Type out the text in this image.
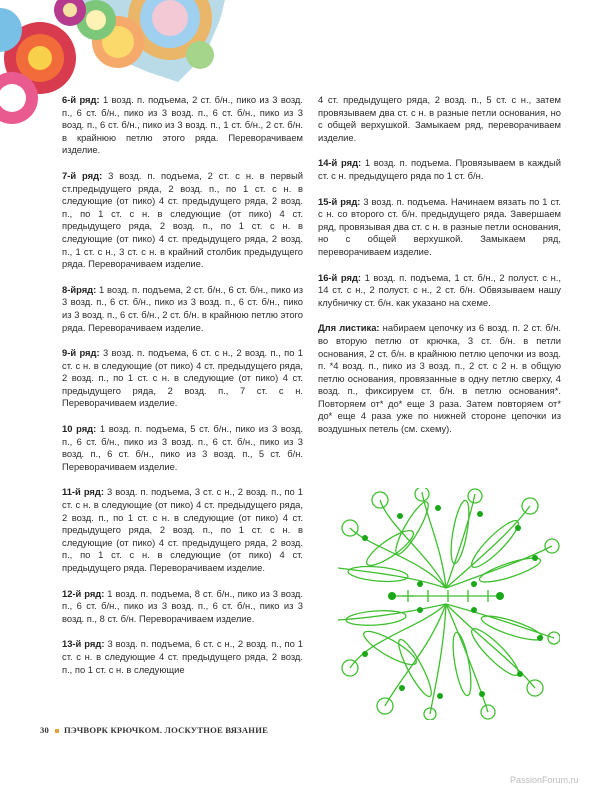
6-й ряд: 1 возд. п. подъема, 2 ст. б/н., пико из 3 возд. п., 6 ст. б/н., пико из 3 возд. п., 6 ст. б/н., пико из 3 возд. п., 6 ст. б/н., пико из 3 возд. п., 1 ст. б/н., 2 ст. б/н. в крайнюю петлю этого ряда. Переворачиваем изделие.

7-й ряд: 3 возд. п. подъема, 2 ст. с н. в первый ст.предыдущего ряда, 2 возд. п., по 1 ст. с н. в следующие (от пико) 4 ст. предыдущего ряда, 2 возд. п., по 1 ст. с н. в следующие (от пико) 4 ст. предыдущего ряда, 2 возд. п., по 1 ст. с н. в следующие (от пико) 4 ст. предыдущего ряда, 2 возд. п., 1 ст. с н., 3 ст. с н. в крайний столбик предыдущего ряда. Переворачиваем изделие.

8-йряд: 1 возд. п. подъема, 2 ст. б/н., 6 ст. б/н., пико из 3 возд. п., 6 ст. б/н., пико из 3 возд. п., 6 ст. б/н., пико из 3 возд. п., 6 ст. б/н., 2 ст. б/н. в крайнюю петлю этого ряда. Переворачиваем изделие.

9-й ряд: 3 возд. п. подъема, 6 ст. с н., 2 возд. п., по 1 ст. с н. в следующие (от пико) 4 ст. предыдущего ряда, 2 возд. п., по 1 ст. с н. в следующие (от пико) 4 ст. предыдущего ряда, 2 возд. п., 7 ст. с н. Переворачиваем изделие.

10 ряд: 1 возд. п. подъема, 5 ст. б/н., пико из 3 возд. п., 6 ст. б/н., пико из 3 возд. п., 6 ст. б/н., пико из 3 возд. п., 6 ст. б/н., пико из 3 возд. п., 5 ст. б/н. Переворачиваем изделие.

11-й ряд: 3 возд. п. подъема, 3 ст. с н., 2 возд. п., по 1 ст. с н. в следующие (от пико) 4 ст. предыдущего ряда, 2 возд. п., по 1 ст. с н. в следующие (от пико) 4 ст. предыдущего ряда, 2 возд. п., по 1 ст. с н. в следующие (от пико) 4 ст. предыдущего ряда, 2 возд. п., по 1 ст. с н. в следующие (от пико) 4 ст. предыдущего ряда. Переворачиваем изделие.

12-й ряд: 1 возд. п. подъема, 8 ст. б/н., пико из 3 возд. п., 6 ст. б/н., пико из 3 возд. п., 6 ст. б/н., пико из 3 возд. п., 8 ст. б/н. Переворачиваем изделие.

13-й ряд: 3 возд. п. подъема, 6 ст. с н., 2 возд. п., по 1 ст. с н. в следующие 4 ст. предыдущего ряда, 2 возд. п., по 1 ст. с н. в следующие

4 ст. предыдущего ряда, 2 возд. п., 5 ст. с н., затем провязываем два ст. с н. в разные петли основания, но с общей верхушкой. Замыкаем ряд, переворачиваем изделие.

14-й ряд: 1 возд. п. подъема. Провязываем в каждый ст. с н. предыдущего ряда по 1 ст. б/н.

15-й ряд: 3 возд. п. подъема. Начинаем вязать по 1 ст. с н. со второго ст. б/н. предыдущего ряда. Завершаем ряд, провязывая два ст. с н. в разные петли основания, но с общей верхушкой. Замыкаем ряд, переворачиваем изделие.

16-й ряд: 1 возд. п. подъема, 1 ст. б/н., 2 полуст. с н., 14 ст. с н., 2 полуст. с н., 2 ст. б/н. Обвязываем нашу клубничку ст. б/н. как указано на схеме.

Для листика: набираем цепочку из 6 возд. п. 2 ст. б/н. во вторую петлю от крючка, 3 ст. б/н. в петли основания, 2 ст. б/н. в крайнюю петлю цепочки из возд. п. *4 возд. п., пико из 3 возд. п., 2 ст. с 2 н. в общую петлю основания, провязанные в одну петлю сверху, 4 возд. п., фиксируем ст. б/н. в петлю основания*. Повторяем от* до* еще 3 раза. Затем повторяем от* до* еще 4 раза уже по нижней стороне цепочки из воздушных петель (см. схему).

30 ПЭЧВОРК КРЮЧКОМ. ЛОСКУТНОЕ ВЯЗАНИЕ
PassionForum.ru
